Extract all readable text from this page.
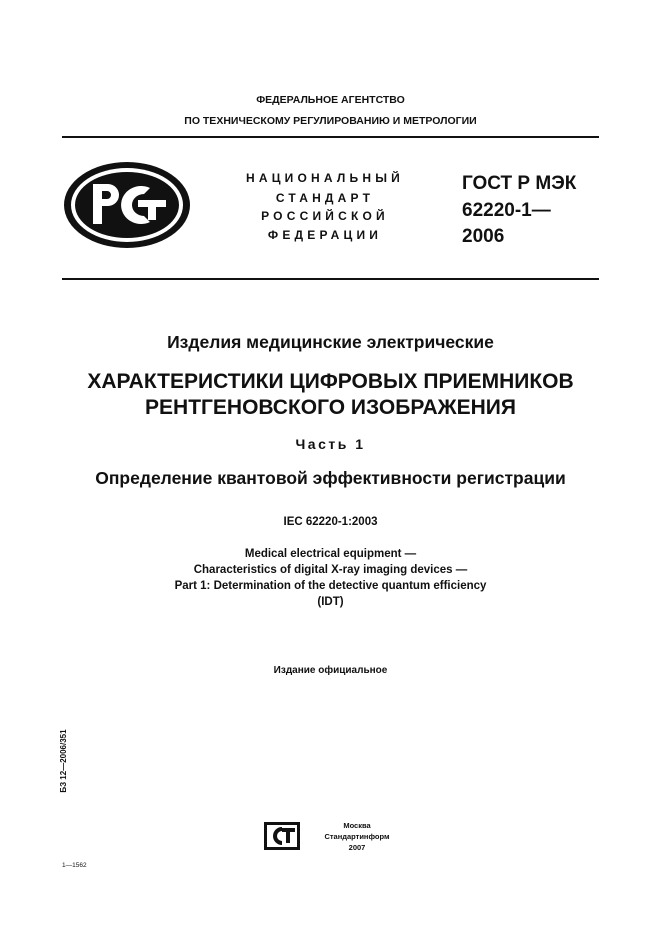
ФЕДЕРАЛЬНОЕ АГЕНТСТВО
ПО ТЕХНИЧЕСКОМУ РЕГУЛИРОВАНИЮ И МЕТРОЛОГИИ
НАЦИОНАЛЬНЫЙ
СТАНДАРТ
РОССИЙСКОЙ
ФЕДЕРАЦИИ
ГОСТ Р МЭК
62220-1—
2006
Изделия медицинские электрические
ХАРАКТЕРИСТИКИ ЦИФРОВЫХ ПРИЕМНИКОВ
РЕНТГЕНОВСКОГО ИЗОБРАЖЕНИЯ
Часть 1
Определение квантовой эффективности регистрации
IEC 62220-1:2003
Medical electrical equipment —
Characteristics of digital X-ray imaging devices —
Part 1: Determination of the detective quantum efficiency
(IDT)
Издание официальное
БЗ 12—2006/351
Москва
Стандартинформ
2007
1—1562
